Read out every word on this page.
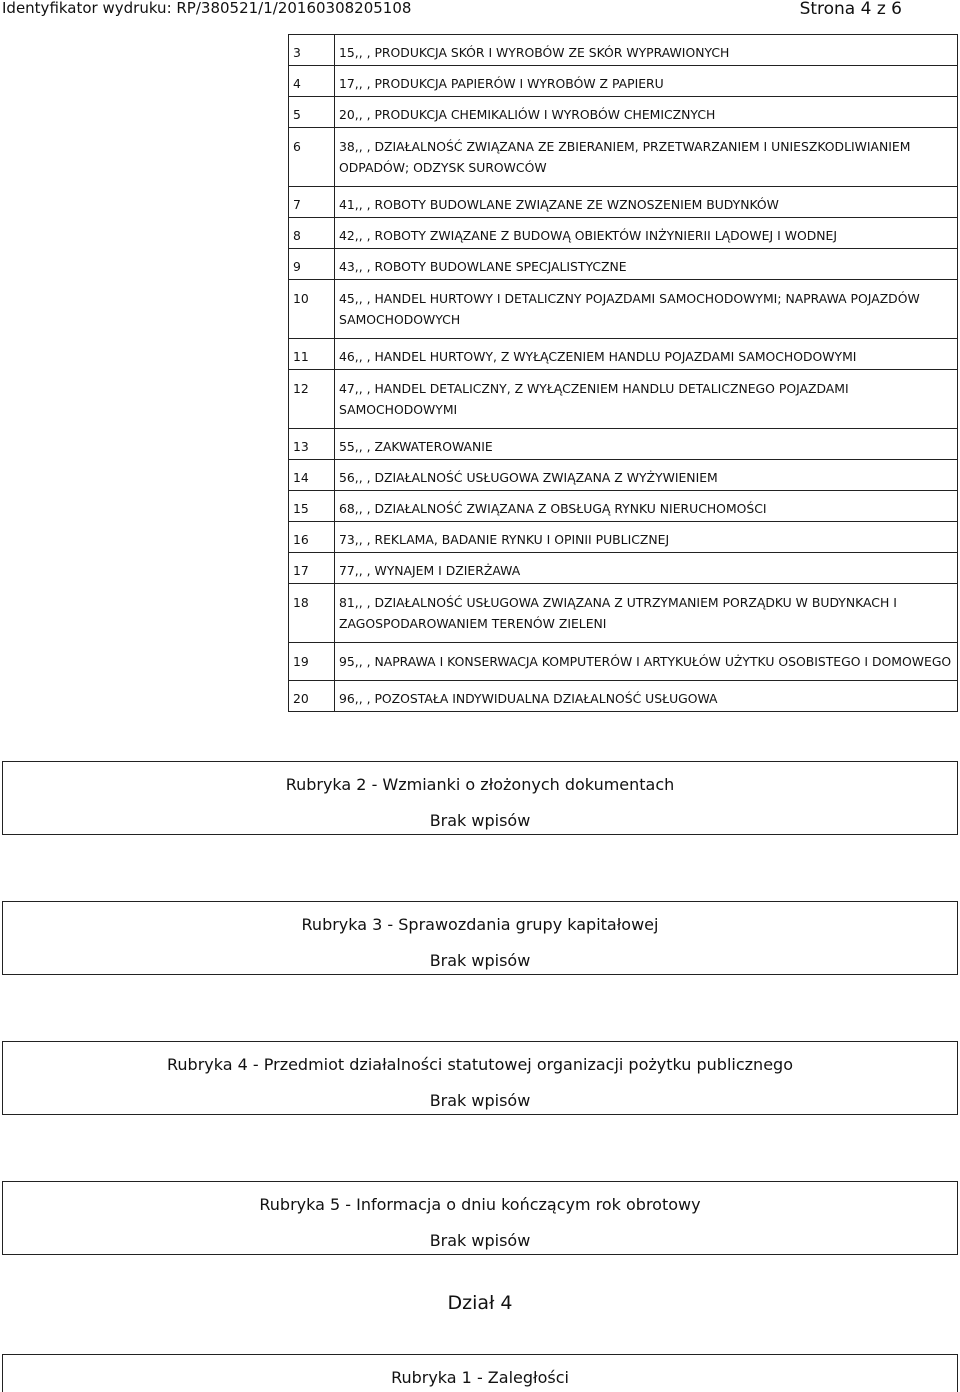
Identyfikator wydruku: RP/380521/1/20160308205108	Strona 4 z 6
3	15,, , PRODUKCJA SKÓR I WYROBÓW ZE SKÓR WYPRAWIONYCH
4	17,, , PRODUKCJA PAPIERÓW I WYROBÓW Z PAPIERU
5	20,, , PRODUKCJA CHEMIKALIÓW I WYROBÓW CHEMICZNYCH
6	38,, , DZIAŁALNOŚĆ ZWIĄZANA ZE ZBIERANIEM, PRZETWARZANIEM I UNIESZKODLIWIANIEM ODPADÓW; ODZYSK SUROWCÓW
7	41,, , ROBOTY BUDOWLANE ZWIĄZANE ZE WZNOSZENIEM BUDYNKÓW
8	42,, , ROBOTY ZWIĄZANE Z BUDOWĄ OBIEKTÓW INŻYNIERII LĄDOWEJ I WODNEJ
9	43,, , ROBOTY BUDOWLANE SPECJALISTYCZNE
10	45,, , HANDEL HURTOWY I DETALICZNY POJAZDAMI SAMOCHODOWYMI; NAPRAWA POJAZDÓW SAMOCHODOWYCH
11	46,, , HANDEL HURTOWY, Z WYŁĄCZENIEM HANDLU POJAZDAMI SAMOCHODOWYMI
12	47,, , HANDEL DETALICZNY, Z WYŁĄCZENIEM HANDLU DETALICZNEGO POJAZDAMI SAMOCHODOWYMI
13	55,, , ZAKWATEROWANIE
14	56,, , DZIAŁALNOŚĆ USŁUGOWA ZWIĄZANA Z WYŻYWIENIEM
15	68,, , DZIAŁALNOŚĆ ZWIĄZANA Z OBSŁUGĄ RYNKU NIERUCHOMOŚCI
16	73,, , REKLAMA, BADANIE RYNKU I OPINII PUBLICZNEJ
17	77,, , WYNAJEM I DZIERŻAWA
18	81,, , DZIAŁALNOŚĆ USŁUGOWA ZWIĄZANA Z UTRZYMANIEM PORZĄDKU W BUDYNKACH I ZAGOSPODAROWANIEM TERENÓW ZIELENI
19	95,, , NAPRAWA I KONSERWACJA KOMPUTERÓW I ARTYKUŁÓW UŻYTKU OSOBISTEGO I DOMOWEGO
20	96,, , POZOSTAŁA INDYWIDUALNA DZIAŁALNOŚĆ USŁUGOWA
Rubryka 2 - Wzmianki o złożonych dokumentach
Brak wpisów
Rubryka 3 - Sprawozdania grupy kapitałowej
Brak wpisów
Rubryka 4 - Przedmiot działalności statutowej organizacji pożytku publicznego
Brak wpisów
Rubryka 5 - Informacja o dniu kończącym rok obrotowy
Brak wpisów
Dział 4
Rubryka 1 - Zaległości
